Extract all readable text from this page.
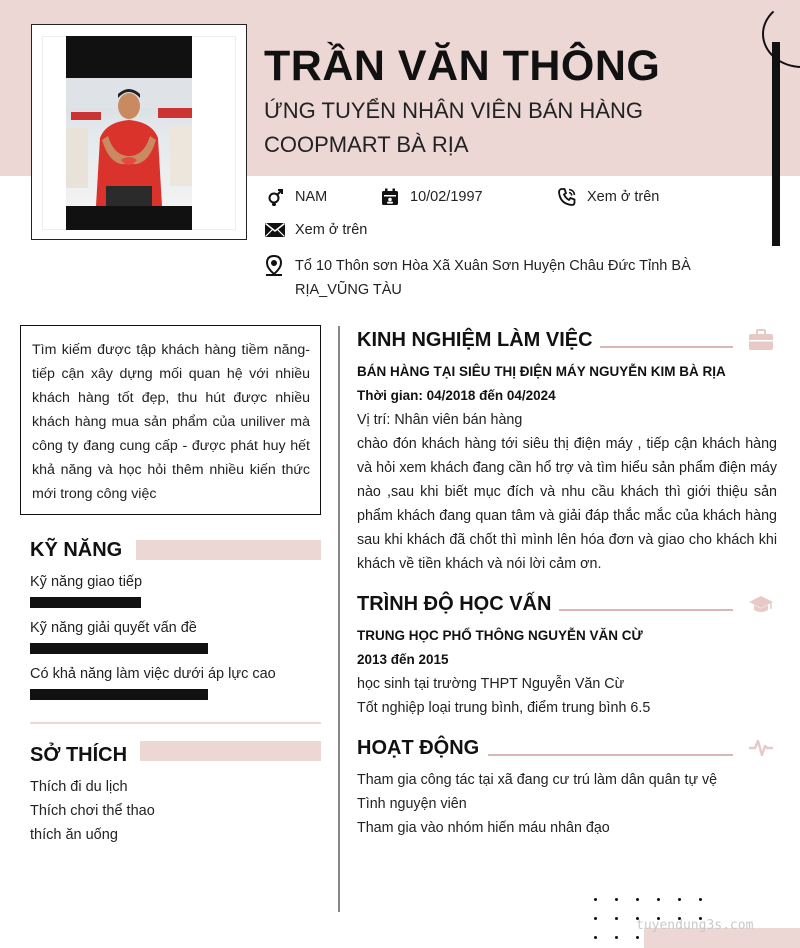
TRẦN VĂN THÔNG
ỨNG TUYỂN NHÂN VIÊN BÁN HÀNG
COOPMART BÀ RỊA
NAM	10/02/1997	Xem ở trên
Xem ở trên
Tổ 10 Thôn sơn Hòa Xã Xuân Sơn Huyện Châu Đức Tỉnh BÀ RỊA_VŨNG TÀU
Tìm kiếm được tập khách hàng tiềm năng- tiếp cận xây dựng mối quan hệ với nhiều khách hàng tốt đẹp, thu hút được nhiều khách hàng mua sản phẩm của uniliver mà công ty đang cung cấp - được phát huy hết khả năng và học hỏi thêm nhiều kiến thức mới trong công việc
KỸ NĂNG
Kỹ năng giao tiếp
Kỹ năng giải quyết vấn đề
Có khả năng làm việc dưới áp lực cao
SỞ THÍCH
Thích đi du lịch
Thích chơi thể thao
thích ăn uống
KINH NGHIỆM LÀM VIỆC
BÁN HÀNG TẠI SIÊU THỊ ĐIỆN MÁY NGUYỄN KIM BÀ RỊA
Thời gian: 04/2018 đến 04/2024
Vị trí: Nhân viên bán hàng
chào đón khách hàng tới siêu thị điện máy , tiếp cận khách hàng và hỏi xem khách đang cần hổ trợ và tìm hiểu sản phẩm điện máy nào ,sau khi biết mục đích và nhu cầu khách thì giới thiệu sản phẩm khách đang quan tâm và giải đáp thắc mắc của khách hàng sau khi khách đã chốt thì mình lên hóa đơn và giao cho khách khi khách về tiền khách và nói lời cảm ơn.
TRÌNH ĐỘ HỌC VẤN
TRUNG HỌC PHỔ THÔNG NGUYỄN VĂN CỪ
2013 đến 2015
học sinh tại trường THPT Nguyễn Văn Cừ
Tốt nghiệp loại trung bình, điểm trung bình 6.5
HOẠT ĐỘNG
Tham gia công tác tại xã đang cư trú làm dân quân tự vệ
Tình nguyện viên
Tham gia vào nhóm hiến máu nhân đạo
tuyendung3s.com
